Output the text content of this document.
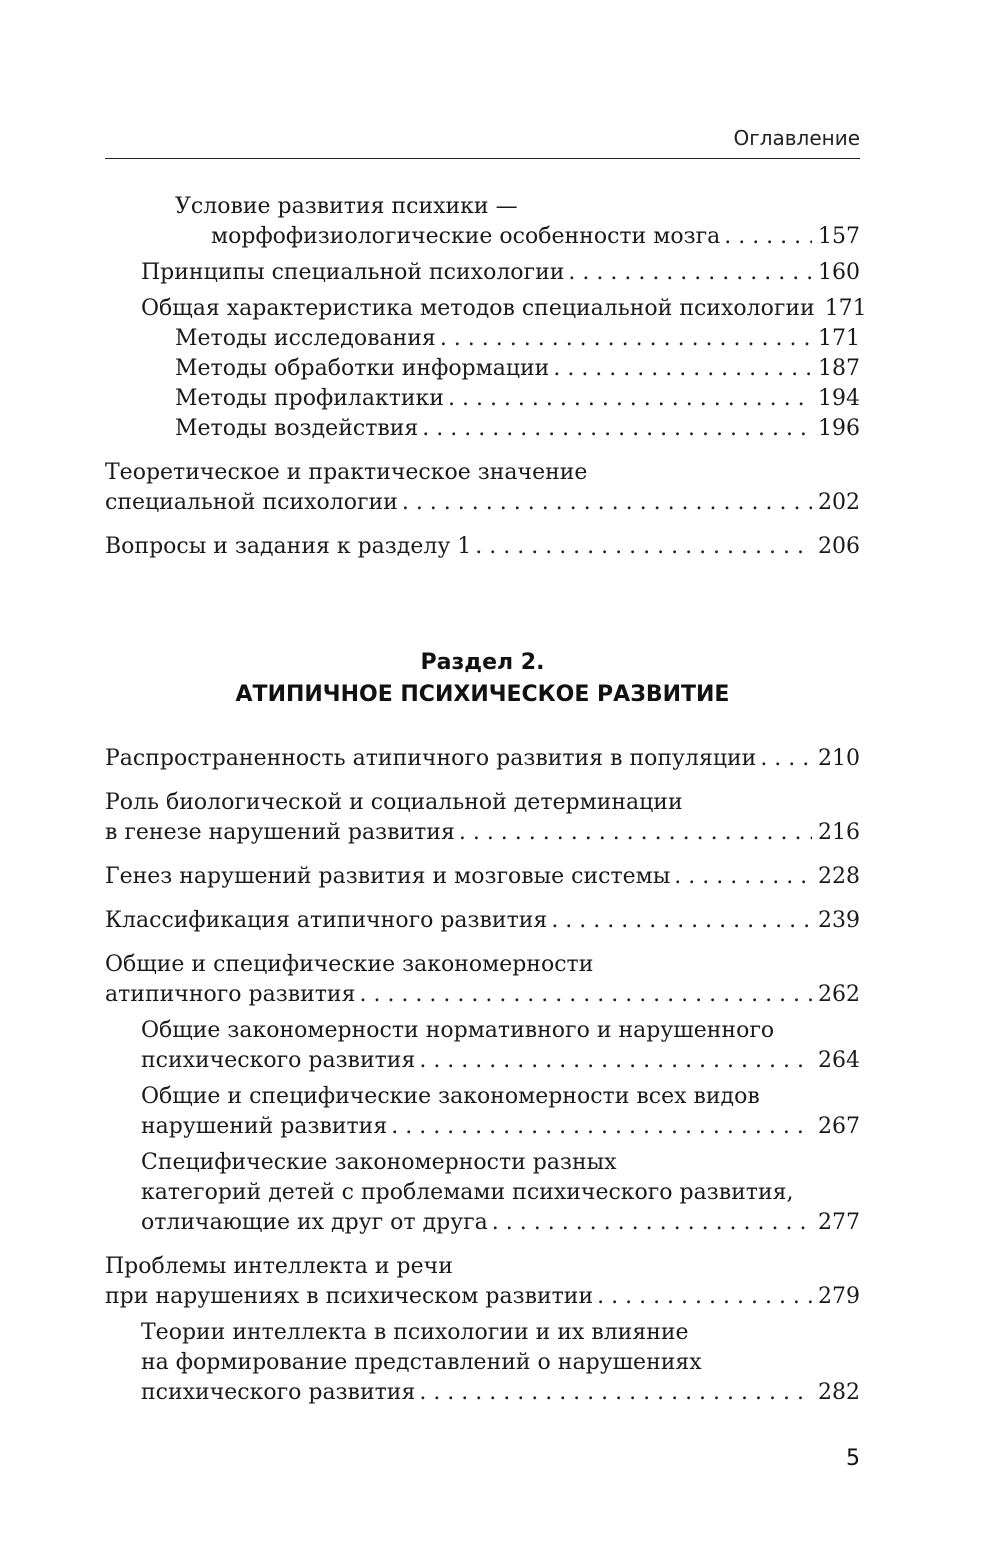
Оглавление
Условие развития психики —
морфофизиологические особенности мозга . . .	157
Принципы специальной психологии . . .	160
Общая характеристика методов специальной психологии 171
Методы исследования . . .	171
Методы обработки информации . . .	187
Методы профилактики . . .	194
Методы воздействия . . .	196
Теоретическое и практическое значение
специальной психологии . . .	202
Вопросы и задания к разделу 1 . . .	206
Раздел 2.
АТИПИЧНОЕ ПСИХИЧЕСКОЕ РАЗВИТИЕ
Распространенность атипичного развития в популяции . . .	210
Роль биологической и социальной детерминации
в генезе нарушений развития . . .	216
Генез нарушений развития и мозговые системы . . .	228
Классификация атипичного развития . . .	239
Общие и специфические закономерности
атипичного развития . . .	262
Общие закономерности нормативного и нарушенного
психического развития . . .	264
Общие и специфические закономерности всех видов
нарушений развития . . .	267
Специфические закономерности разных
категорий детей с проблемами психического развития,
отличающие их друг от друга . . .	277
Проблемы интеллекта и речи
при нарушениях в психическом развитии . . .	279
Теории интеллекта в психологии и их влияние
на формирование представлений о нарушениях
психического развития . . .	282
5
